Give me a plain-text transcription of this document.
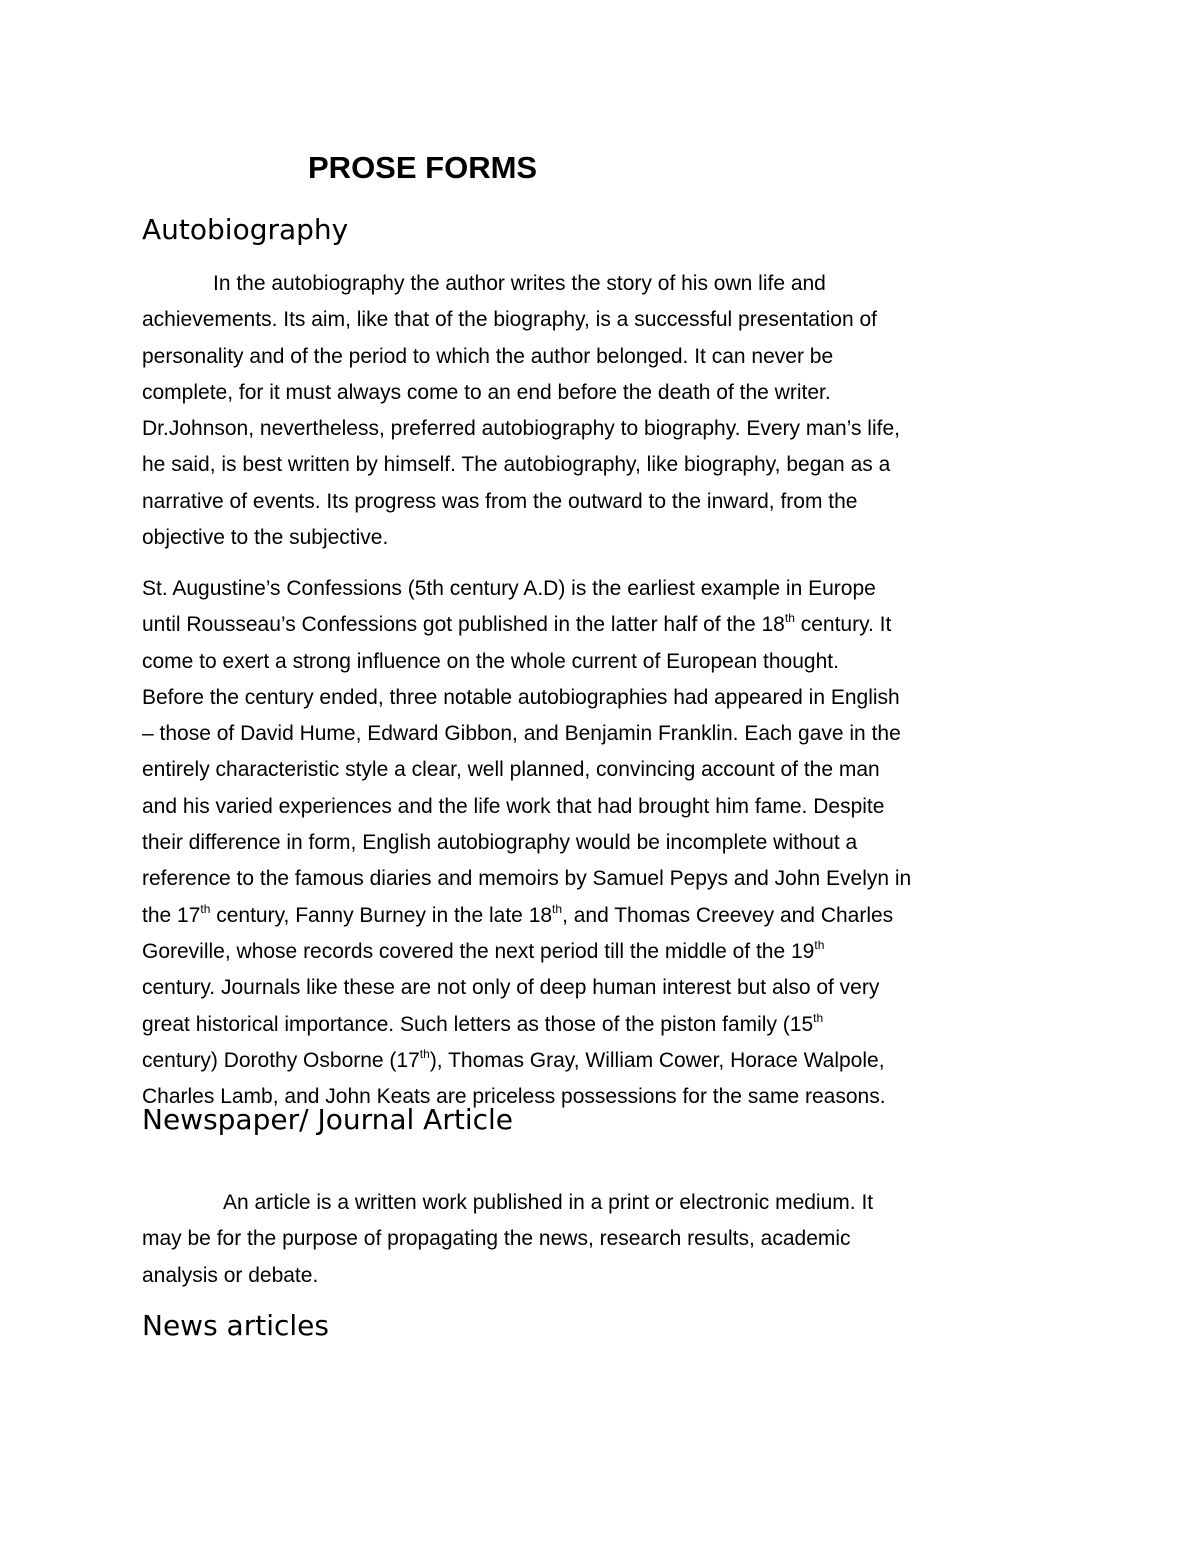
PROSE FORMS
Autobiography

In the autobiography the author writes the story of his own life and
achievements. Its aim, like that of the biography, is a successful presentation of
personality and of the period to which the author belonged. It can never be
complete, for it must always come to an end before the death of the writer.
Dr.Johnson, nevertheless, preferred autobiography to biography. Every man’s life,
he said, is best written by himself. The autobiography, like biography, began as a
narrative of events. Its progress was from the outward to the inward, from the
objective to the subjective.

St. Augustine’s Confessions (5th century A.D) is the earliest example in Europe
until Rousseau’s Confessions got published in the latter half of the 18th century. It
come to exert a strong influence on the whole current of European thought.
Before the century ended, three notable autobiographies had appeared in English
– those of David Hume, Edward Gibbon, and Benjamin Franklin. Each gave in the
entirely characteristic style a clear, well planned, convincing account of the man
and his varied experiences and the life work that had brought him fame. Despite
their difference in form, English autobiography would be incomplete without a
reference to the famous diaries and memoirs by Samuel Pepys and John Evelyn in
the 17th century, Fanny Burney in the late 18th, and Thomas Creevey and Charles
Goreville, whose records covered the next period till the middle of the 19th
century. Journals like these are not only of deep human interest but also of very
great historical importance. Such letters as those of the piston family (15th
century) Dorothy Osborne (17th), Thomas Gray, William Cower, Horace Walpole,
Charles Lamb, and John Keats are priceless possessions for the same reasons.

Newspaper/ Journal Article

An article is a written work published in a print or electronic medium. It
may be for the purpose of propagating the news, research results, academic
analysis or debate.

News articles
